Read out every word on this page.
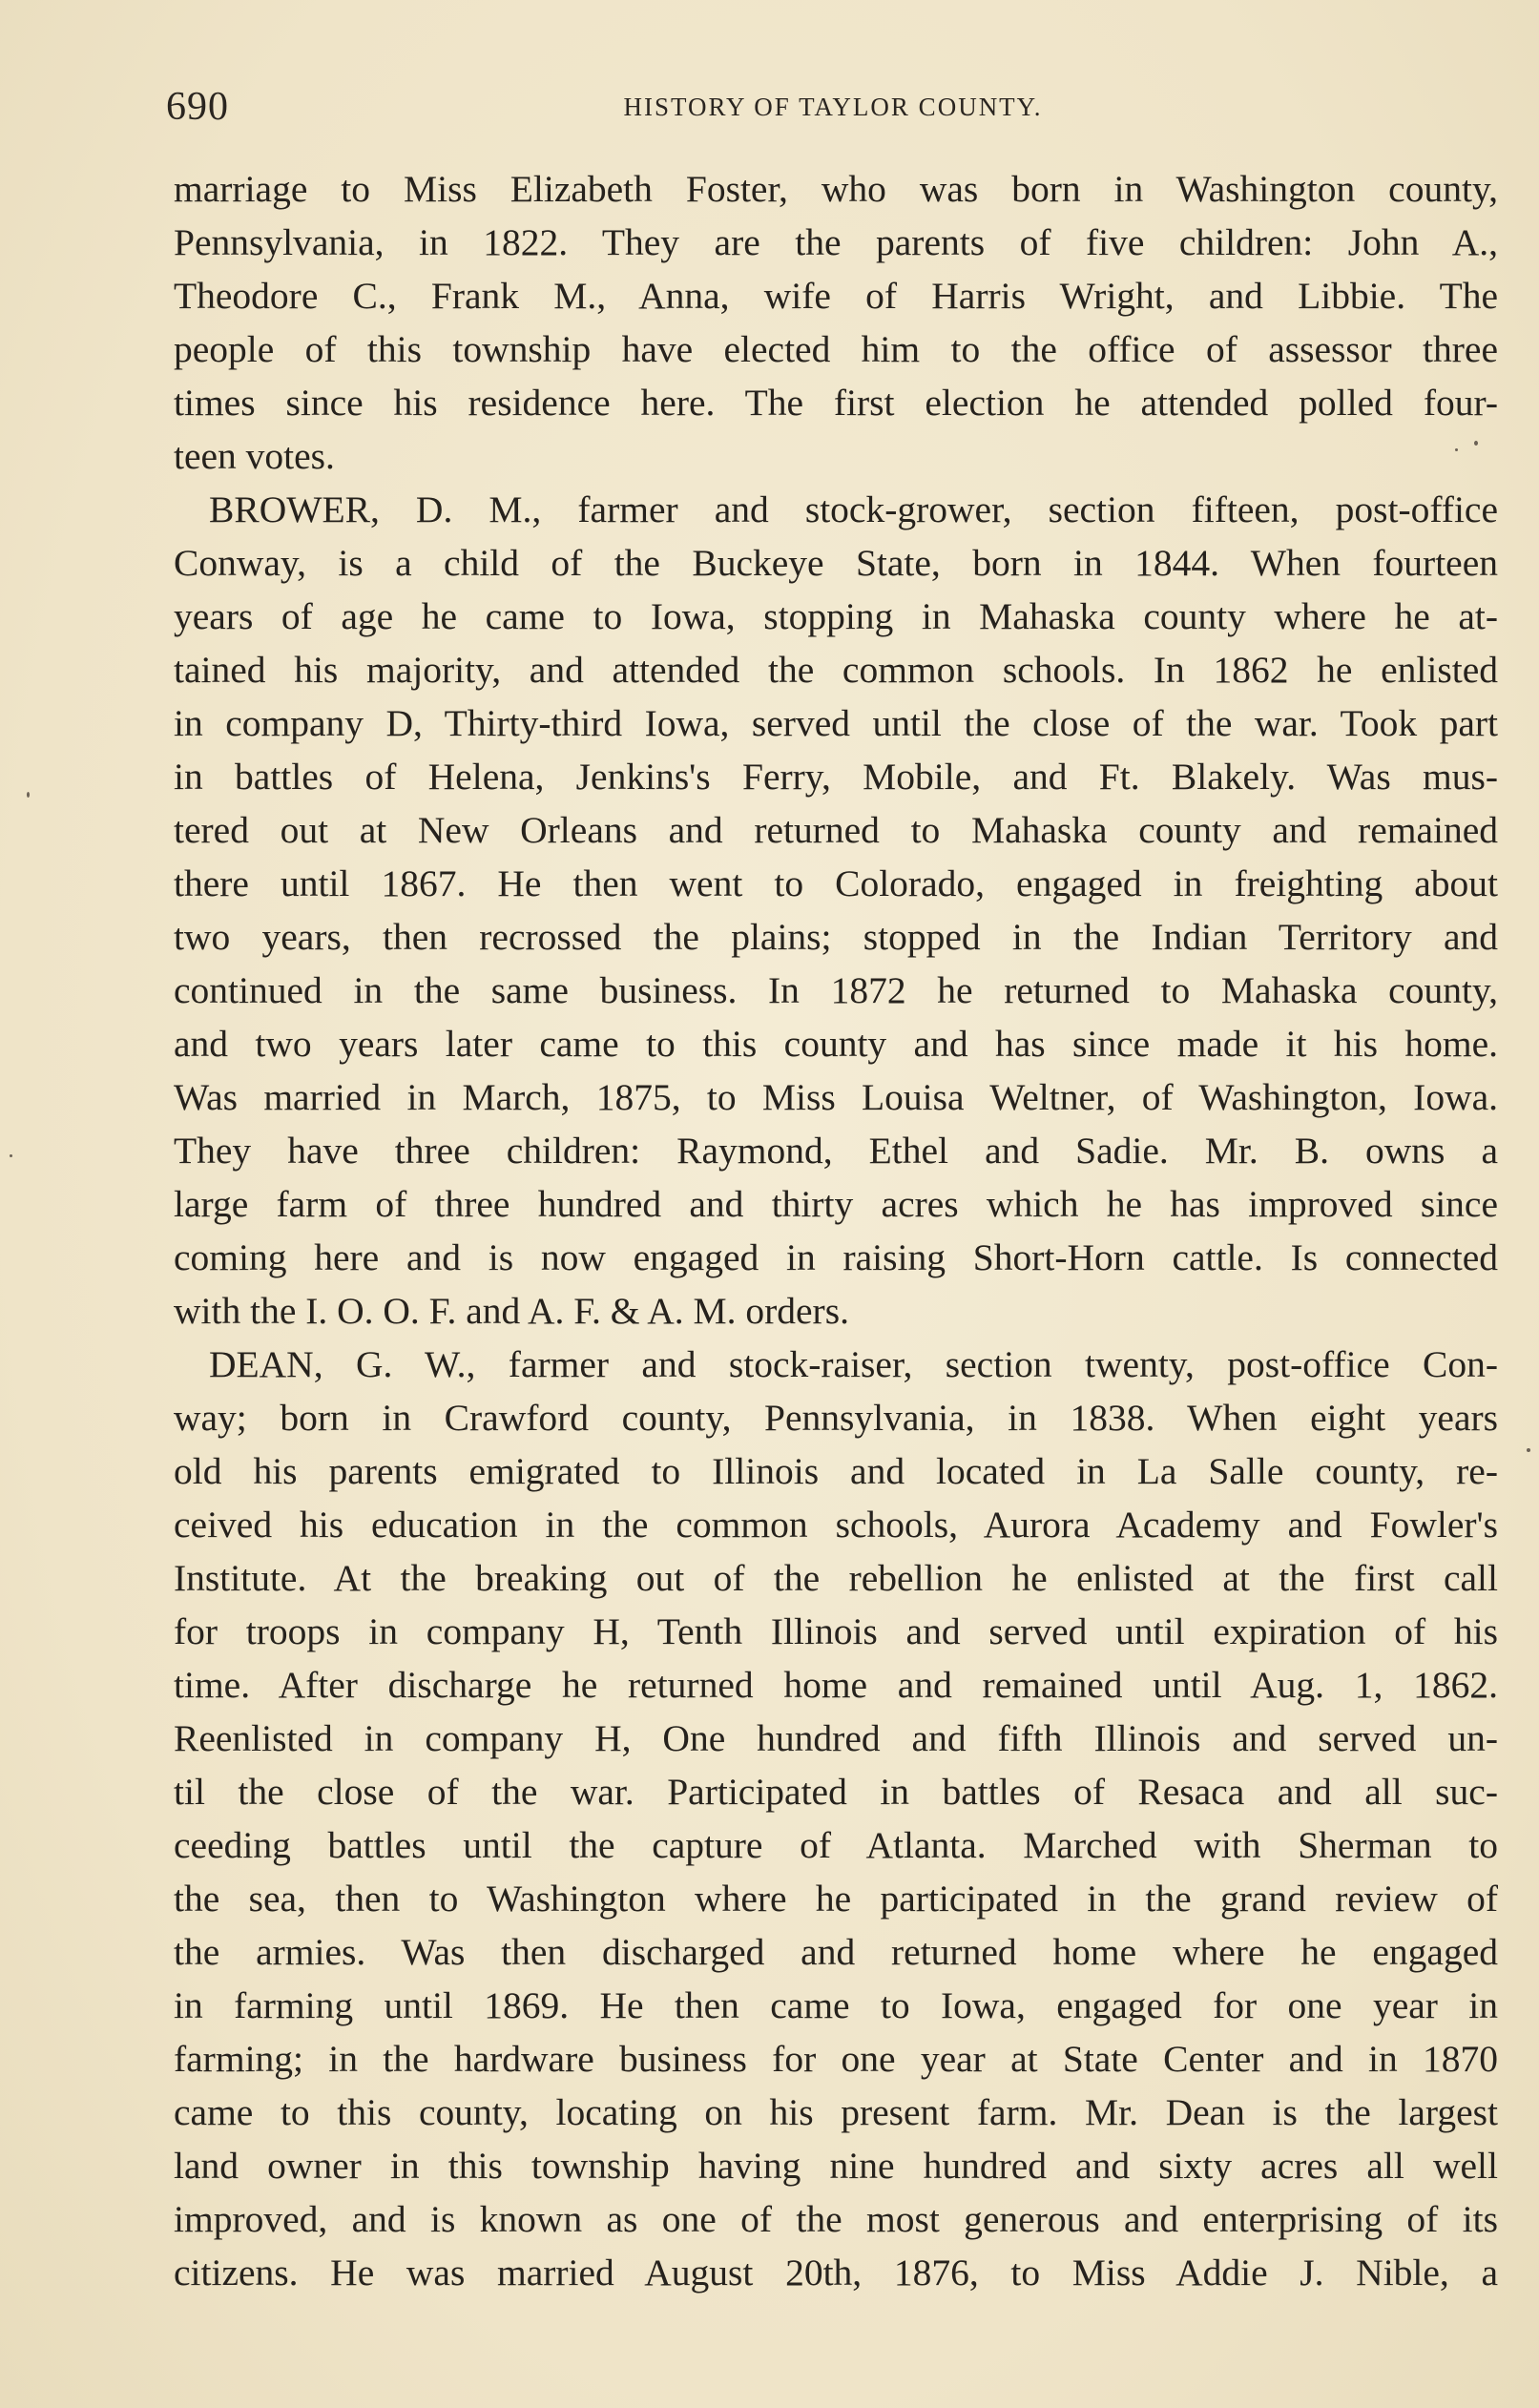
690	HISTORY OF TAYLOR COUNTY.
marriage to Miss Elizabeth Foster, who was born in Washington county,
Pennsylvania, in 1822. They are the parents of five children: John A.,
Theodore C., Frank M., Anna, wife of Harris Wright, and Libbie. The
people of this township have elected him to the office of assessor three
times since his residence here. The first election he attended polled four-
teen votes.
BROWER, D. M., farmer and stock-grower, section fifteen, post-office
Conway, is a child of the Buckeye State, born in 1844. When fourteen
years of age he came to Iowa, stopping in Mahaska county where he at-
tained his majority, and attended the common schools. In 1862 he enlisted
in company D, Thirty-third Iowa, served until the close of the war. Took part
in battles of Helena, Jenkins's Ferry, Mobile, and Ft. Blakely. Was mus-
tered out at New Orleans and returned to Mahaska county and remained
there until 1867. He then went to Colorado, engaged in freighting about
two years, then recrossed the plains; stopped in the Indian Territory and
continued in the same business. In 1872 he returned to Mahaska county,
and two years later came to this county and has since made it his home.
Was married in March, 1875, to Miss Louisa Weltner, of Washington, Iowa.
They have three children: Raymond, Ethel and Sadie. Mr. B. owns a
large farm of three hundred and thirty acres which he has improved since
coming here and is now engaged in raising Short-Horn cattle. Is connected
with the I. O. O. F. and A. F. & A. M. orders.
DEAN, G. W., farmer and stock-raiser, section twenty, post-office Con-
way; born in Crawford county, Pennsylvania, in 1838. When eight years
old his parents emigrated to Illinois and located in La Salle county, re-
ceived his education in the common schools, Aurora Academy and Fowler's
Institute. At the breaking out of the rebellion he enlisted at the first call
for troops in company H, Tenth Illinois and served until expiration of his
time. After discharge he returned home and remained until Aug. 1, 1862.
Reenlisted in company H, One hundred and fifth Illinois and served un-
til the close of the war. Participated in battles of Resaca and all suc-
ceeding battles until the capture of Atlanta. Marched with Sherman to
the sea, then to Washington where he participated in the grand review of
the armies. Was then discharged and returned home where he engaged
in farming until 1869. He then came to Iowa, engaged for one year in
farming; in the hardware business for one year at State Center and in 1870
came to this county, locating on his present farm. Mr. Dean is the largest
land owner in this township having nine hundred and sixty acres all well
improved, and is known as one of the most generous and enterprising of its
citizens. He was married August 20th, 1876, to Miss Addie J. Nible, a
